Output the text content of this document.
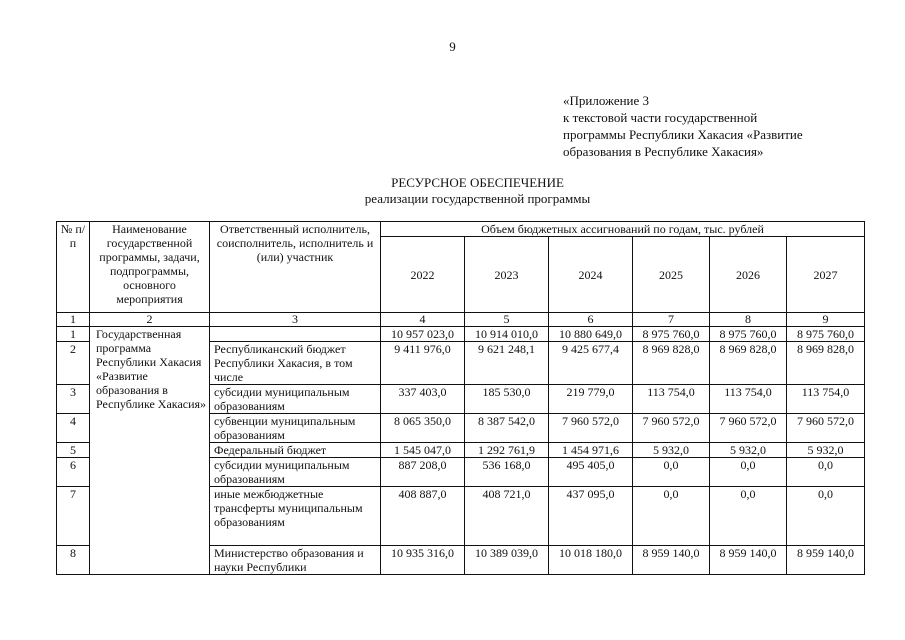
9
«Приложение 3
к текстовой части государственной
программы Республики Хакасия «Развитие
образования в Республике Хакасия»
РЕСУРСНОЕ ОБЕСПЕЧЕНИЕ
реализации государственной программы
№ п/п	Наименование государственной программы, задачи, подпрограммы, основного мероприятия	Ответственный исполнитель, соисполнитель, исполнитель и (или) участник	Объем бюджетных ассигнований по годам, тыс. рублей					
			2022	2023	2024	2025	2026	2027
1	2	3	4	5	6	7	8	9
1	Государственная программа Республики Хакасия «Развитие образования в Республике Хакасия»		10 957 023,0	10 914 010,0	10 880 649,0	8 975 760,0	8 975 760,0	8 975 760,0
2		Республиканский бюджет Республики Хакасия, в том числе	9 411 976,0	9 621 248,1	9 425 677,4	8 969 828,0	8 969 828,0	8 969 828,0
3		субсидии муниципальным образованиям	337 403,0	185 530,0	219 779,0	113 754,0	113 754,0	113 754,0
4		субвенции муниципальным образованиям	8 065 350,0	8 387 542,0	7 960 572,0	7 960 572,0	7 960 572,0	7 960 572,0
5		Федеральный бюджет	1 545 047,0	1 292 761,9	1 454 971,6	5 932,0	5 932,0	5 932,0
6		субсидии муниципальным образованиям	887 208,0	536 168,0	495 405,0	0,0	0,0	0,0
7		иные межбюджетные трансферты муниципальным образованиям	408 887,0	408 721,0	437 095,0	0,0	0,0	0,0
8		Министерство образования и науки Республики	10 935 316,0	10 389 039,0	10 018 180,0	8 959 140,0	8 959 140,0	8 959 140,0
